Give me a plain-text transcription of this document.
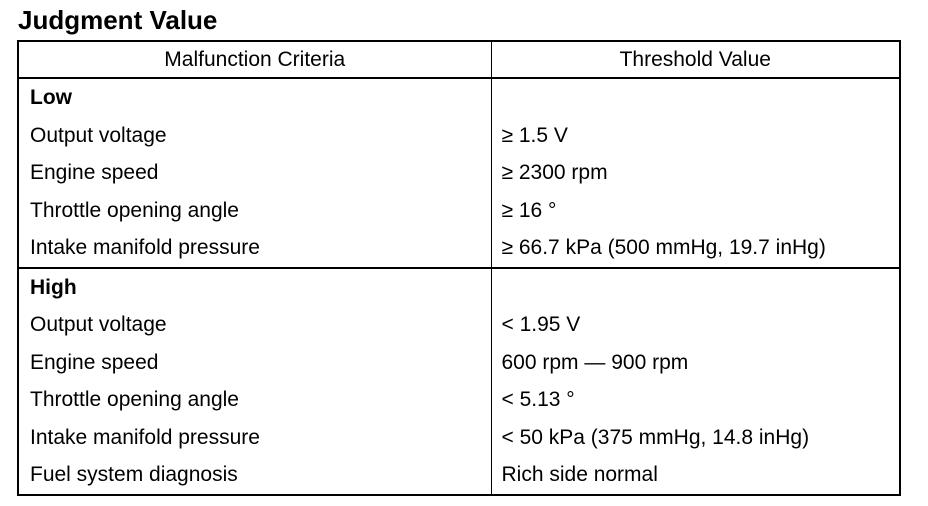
Judgment Value
Malfunction Criteria	Threshold Value
Low	
Output voltage	≥ 1.5 V
Engine speed	≥ 2300 rpm
Throttle opening angle	≥ 16 °
Intake manifold pressure	≥ 66.7 kPa (500 mmHg, 19.7 inHg)
High	
Output voltage	< 1.95 V
Engine speed	600 rpm — 900 rpm
Throttle opening angle	< 5.13 °
Intake manifold pressure	< 50 kPa (375 mmHg, 14.8 inHg)
Fuel system diagnosis	Rich side normal
